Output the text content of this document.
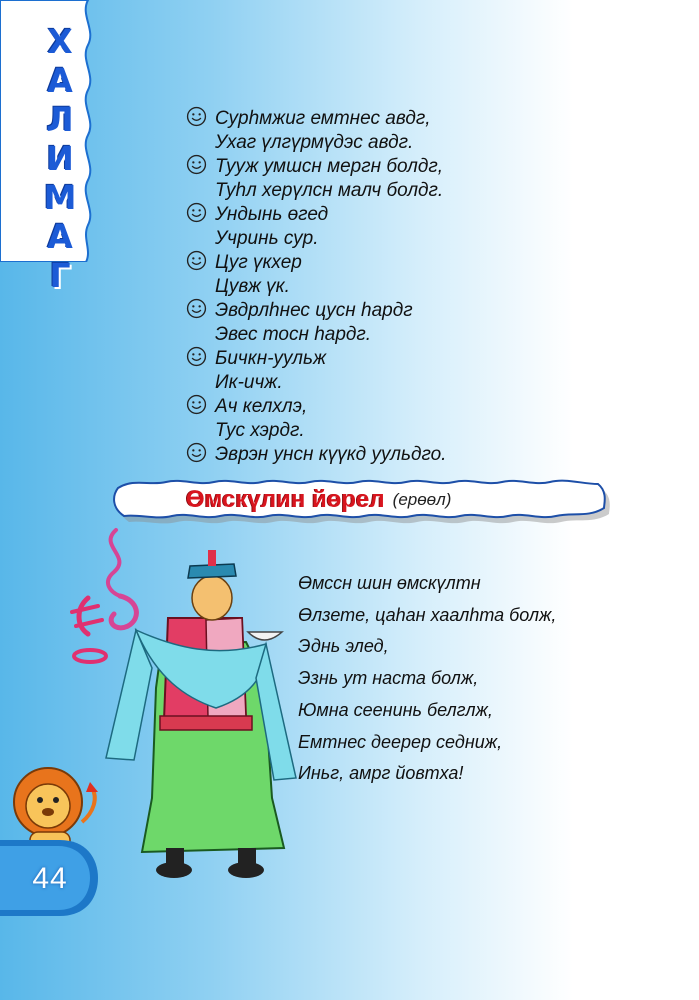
Х
А
Л
И
М
А
Г
Сурһмжиг емтнес авдг,
Ухаг үлгүрмүдэс авдг.
Тууж умшсн мергн болдг,
Туһл херүлсн малч болдг.
Ундынь өгед
Учринь сур.
Цуг үкхер
Цувж үк.
Эвдрлһнес цусн һардг
Эвес тосн һардг.
Бичкн-уульж
Ик-ичж.
Ач келхлэ,
Тус хэрдг.
Эврэн унсн күүкд уульдго.
Өмскүлин йөрел (ерөөл)
44
Өмссн шин өмскүлтн
Өлзете, цаһан хаалһта болж,
Эднь элед,
Эзнь ут наста болж,
Юмна сеенинь белглж,
Емтнес деерер седниж,
Иньг, амрг йовтха!
